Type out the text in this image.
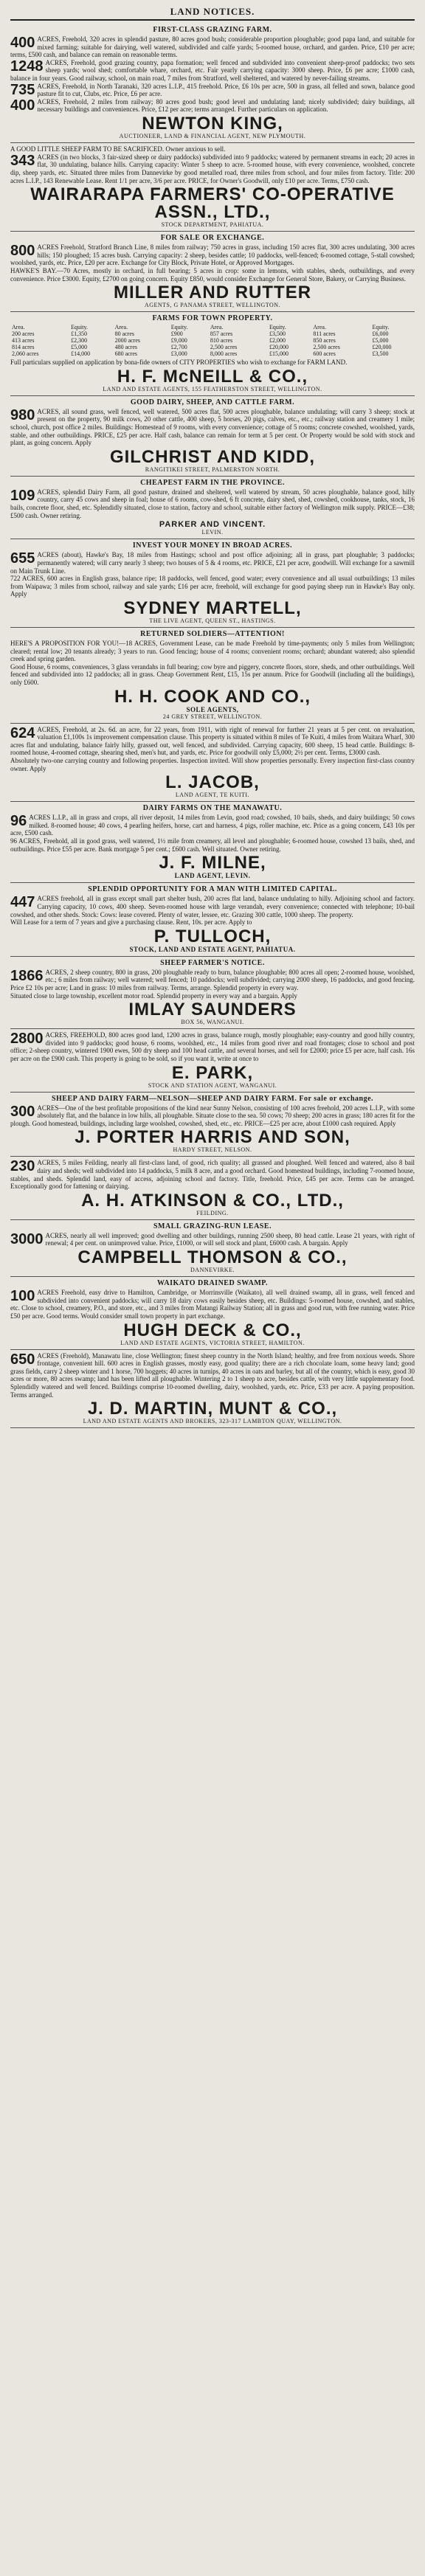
LAND NOTICES.
FIRST-CLASS GRAZING FARM.
400 ACRES, Freehold, 320 acres in splendid pasture, 80 acres good bush; considerable proportion ploughable; good papa land, and suitable for mixed farming; suitable for dairying, well watered, subdivided and calfe yards; 5-roomed house, orchard, and garden. Price, £10 per acre; terms, £500 cash, and balance can remain on reasonable terms.
1248 ACRES, Freehold, good grazing country, papa formation; well fenced and subdivided into convenient sheep-proof paddocks; two sets sheep yards; wool shed; comfortable whare, orchard, etc. Fair yearly carrying capacity: 3000 sheep. Price, £6 per acre; £1000 cash, balance in four years. Good railway, school, on main road, 7 miles from Stratford, well sheltered, and watered by never-failing streams.
735 ACRES, Freehold, in North Taranaki, 320 acres L.I.P., 415 freehold. Price, £6 10s per acre, 500 in grass, all felled and sown, balance good pasture fit to cut, Clubs, etc. Price, £6 per acre.
400 ACRES, Freehold, 2 miles from railway; 80 acres good bush; good level and undulating land; nicely subdivided; dairy buildings, all necessary buildings and conveniences. Price, £12 per acre; terms arranged. Further particulars on application.
NEWTON KING,
AUCTIONEER, LAND & FINANCIAL AGENT, NEW PLYMOUTH.
A GOOD LITTLE SHEEP FARM TO BE SACRIFICED. Owner anxious to sell.
343 ACRES (in two blocks, 3 fair-sized sheep or dairy paddocks) subdivided into 9 paddocks; watered by permanent streams in each; 20 acres in flat, 30 undulating, balance hills. Carrying capacity: Winter 5 sheep to acre. 5-roomed house, with every convenience, woolshed, concrete dip, sheep yards, etc. Situated three miles from Dannevirke by good metalled road, three miles from school, and four miles from factory. Title: 200 acres L.I.P., 143 Renewable Lease. Rent 1/1 per acre, 3/6 per acre. PRICE, for Owner's Goodwill, only £10 per acre. Terms, £750 cash.
WAIRARAPA FARMERS' CO-OPERATIVE ASSN., LTD.,
STOCK DEPARTMENT, PAHIATUA.
FOR SALE OR EXCHANGE.
800 ACRES Freehold, Stratford Branch Line, 8 miles from railway; 750 acres in grass, including 150 acres flat, 300 acres undulating, 300 acres hills; 150 ploughed; 15 acres bush. Carrying capacity: 2 sheep, besides cattle; 10 paddocks, well-fenced; 6-roomed cottage, 5-stall cowshed; woolshed, yards, etc. Price, £20 per acre. Exchange for City Block, Private Hotel, or Approved Mortgages.
HAWKE'S BAY.—70 Acres, mostly in orchard, in full bearing; 5 acres in crop: some in lemons, with stables, sheds, outbuildings, and every convenience. Price £3000. Equity, £2700 on going concern. Equity £850, would consider Exchange for General Store, Bakery, or Carrying Business.
MILLER AND RUTTER
AGENTS, G PANAMA STREET, WELLINGTON.
FARMS FOR TOWN PROPERTY.
Area.	Equity.	Area.	Equity.	Area.	Equity.	Area.	Equity.
200 acres	£1,350	80 acres	£900	857 acres	£3,500	811 acres	£6,000
413 acres	£2,300	2000 acres	£9,000	810 acres	£2,000	850 acres	£5,000
814 acres	£5,000	480 acres	£2,700	2,500 acres	£20,000	2,500 acres	£20,000
2,060 acres	£14,000	680 acres	£3,000	8,000 acres	£15,000	600 acres	£3,500
Full particulars supplied on application by bona-fide owners of CITY PROPERTIES who wish to exchange for FARM LAND.
H. F. McNEILL & CO.,
LAND AND ESTATE AGENTS, 155 FEATHERSTON STREET, WELLINGTON.
GOOD DAIRY, SHEEP, AND CATTLE FARM.
980 ACRES, all sound grass, well fenced, well watered, 500 acres flat, 500 acres ploughable, balance undulating; will carry 3 sheep; stock at present on the property, 90 milk cows, 20 other cattle, 400 sheep, 5 horses, 20 pigs, calves, etc., etc.; railway station and creamery 1 mile; school, church, post office 2 miles. Buildings: Homestead of 9 rooms, with every convenience; cottage of 5 rooms; concrete cowshed, woolshed, yards, stable, and other outbuildings. PRICE, £25 per acre. Half cash, balance can remain for term at 5 per cent. Or Property would be sold with stock and plant, as going concern. Apply
GILCHRIST AND KIDD,
RANGITIKEI STREET, PALMERSTON NORTH.
CHEAPEST FARM IN THE PROVINCE.
109 ACRES, splendid Dairy Farm, all good pasture, drained and sheltered, well watered by stream, 50 acres ploughable, balance good, hilly country, carry 45 cows and sheep in foal; house of 6 rooms, cow-shed, 6 ft concrete, dairy shed, shed, cowshed, cookhouse, tanks, stock, 16 bails, concrete floor, shed, etc. Splendidly situated, close to station, factory and school, suitable either factory of Wellington milk supply. PRICE—£38; £500 cash. Owner retiring.
PARKER AND VINCENT.
LEVIN.
INVEST YOUR MONEY IN BROAD ACRES.
655 ACRES (about), Hawke's Bay, 18 miles from Hastings; school and post office adjoining; all in grass, part ploughable; 3 paddocks; permanently watered; will carry nearly 3 sheep; two houses of 5 & 4 rooms, etc. PRICE, £21 per acre, goodwill. Will exchange for a sawmill on Main Trunk Line.
722 ACRES, 600 acres in English grass, balance ripe; 18 paddocks, well fenced, good water; every convenience and all usual outbuildings; 13 miles from Waipawa; 3 miles from school, railway and sale yards; £16 per acre, freehold, will exchange for good paying sheep run in Hawke's Bay only. Apply
SYDNEY MARTELL,
THE LIVE AGENT, QUEEN ST., HASTINGS.
RETURNED SOLDIERS—ATTENTION!
HERE'S A PROPOSITION FOR YOU!—18 ACRES, Government Lease, can be made Freehold by time-payments; only 5 miles from Wellington; cleared; rental low; 20 tenants already; 3 years to run. Good fencing; house of 4 rooms; convenient rooms; orchard; abundant watered; also splendid creek and spring garden.
Good House, 6 rooms, conveniences, 3 glass verandahs in full bearing; cow byre and piggery, concrete floors, store, sheds, and other outbuildings. Well fenced and subdivided into 12 paddocks; all in grass. Cheap Government Rent, £15, 15s per annum. Price for Goodwill (including all the buildings), only £600.
H. H. COOK AND CO.,
SOLE AGENTS,
24 GREY STREET, WELLINGTON.
624 ACRES, Freehold, at 2s. 6d. an acre, for 22 years, from 1911, with right of renewal for further 21 years at 5 per cent. on revaluation, valuation £1,100s 1s improvement compensation clause. This property is situated within 8 miles of Te Kuiti, 4 miles from Waitara Wharf, 300 acres flat and undulating, balance fairly hilly, grassed out, well fenced, and subdivided. Carrying capacity, 600 sheep, 15 head cattle. Buildings: 8-roomed house, 4-roomed cottage, shearing shed, men's hut, and yards, etc. Price for goodwill only £5,000; 2½ per cent. Terms, £3000 cash.
Absolutely two-one carrying country and following properties. Inspection invited. Will show properties personally. Every inspection first-class country owner. Apply
L. JACOB,
LAND AGENT, TE KUITI.
DAIRY FARMS ON THE MANAWATU.
96 ACRES L.I.P., all in grass and crops, all river deposit, 14 miles from Levin, good road; cowshed, 10 bails, sheds, and dairy buildings; 50 cows milked. 8-roomed house; 40 cows, 4 pearling heifers, horse, cart and harness, 4 pigs, roller machine, etc. Price as a going concern, £43 10s per acre, £500 cash.
96 ACRES, Freehold, all in good grass, well watered, 1½ mile from creamery, all level and ploughable; 6-roomed house, cowshed 13 bails, shed, and outbuildings. Price £55 per acre. Bank mortgage 5 per cent.; £600 cash. Well situated. Owner retiring.
J. F. MILNE,
LAND AGENT, LEVIN.
SPLENDID OPPORTUNITY FOR A MAN WITH LIMITED CAPITAL.
447 ACRES freehold, all in grass except small part shelter bush, 200 acres flat land, balance undulating to hilly. Adjoining school and factory. Carrying capacity, 10 cows, 400 sheep. Seven-roomed house with large verandah, every convenience; connected with telephone; 10-bail cowshed, and other sheds. Stock: Cows: lease covered. Plenty of water, lessee, etc. Grazing 300 cattle, 1000 sheep. The property.
Will Lease for a term of 7 years and give a purchasing clause. Rent, 10s. per acre. Apply to
P. TULLOCH,
STOCK, LAND AND ESTATE AGENT, PAHIATUA.
SHEEP FARMER'S NOTICE.
1866 ACRES, 2 sheep country, 800 in grass, 200 ploughable ready to burn, balance ploughable; 800 acres all open; 2-roomed house, woolshed, etc.; 6 miles from railway; well watered; well fenced; 10 paddocks; well subdivided; carrying 2000 sheep, 16 paddocks, and good fencing. Price £2 10s per acre; Land in grass: 10 miles from railway. Terms, arrange. Splendid property in every way.
Situated close to large township, excellent motor road. Splendid property in every way and a bargain. Apply
IMLAY SAUNDERS
BOX 56, WANGANUI.
2800 ACRES, FREEHOLD, 800 acres good land, 1200 acres in grass, balance rough, mostly ploughable; easy-country and good hilly country, divided into 9 paddocks; good house, 6 rooms, woolshed, etc., 14 miles from good river and road frontages; close to school and post office; 2-sheep country, wintered 1900 ewes, 500 dry sheep and 100 head cattle, and several horses, and sell for £2000; price £5 per acre, half cash. 16s per acre on the £900 cash. This property is going to be sold, so if you want it, write at once to
E. PARK,
STOCK AND STATION AGENT, WANGANUI.
SHEEP AND DAIRY FARM—NELSON—SHEEP AND DAIRY FARM. For sale or exchange.
300 ACRES—One of the best profitable propositions of the kind near Sunny Nelson, consisting of 100 acres freehold, 200 acres L.I.P., with some absolutely flat, and the balance in low hills, all ploughable. Situate close to the sea. 50 cows; 70 sheep; 200 acres in grass; 180 acres fit for the plough. Good homestead, buildings, including large woolshed, cowshed, shed, etc., etc. PRICE—£25 per acre, about £1000 cash required. Apply
J. PORTER HARRIS AND SON,
HARDY STREET, NELSON.
230 ACRES, 5 miles Feilding, nearly all first-class land, of good, rich quality; all grassed and ploughed. Well fenced and watered, also 8 bail dairy and sheds; well subdivided into 14 paddocks, 5 milk 8 acre, and a good orchard. Good homestead buildings, including 7-roomed house, stables, and sheds. Splendid land, easy of access, adjoining school and factory. Title, freehold. Price, £45 per acre. Terms can be arranged. Exceptionally good for fattening or dairying.
A. H. ATKINSON & CO., LTD.,
FEILDING.
SMALL GRAZING-RUN LEASE.
3000 ACRES, nearly all well improved; good dwelling and other buildings, running 2500 sheep, 80 head cattle. Lease 21 years, with right of renewal; 4 per cent. on unimproved value. Price, £1000, or will sell stock and plant, £6000 cash. A bargain. Apply
CAMPBELL THOMSON & CO.,
DANNEVIRKE.
WAIKATO DRAINED SWAMP.
100 ACRES Freehold, easy drive to Hamilton, Cambridge, or Morrinsville (Waikato), all well drained swamp, all in grass, well fenced and subdivided into convenient paddocks; will carry 18 dairy cows easily besides sheep, etc. Buildings: 5-roomed house, cowshed, and stables, etc. Close to school, creamery, P.O., and store, etc., and 3 miles from Matangi Railway Station; all in grass and good run, with free running water. Price £50 per acre. Good terms. Would consider small town property in part exchange.
HUGH DECK & CO.,
LAND AND ESTATE AGENTS, VICTORIA STREET, HAMILTON.
650 ACRES (Freehold), Manawatu line, close Wellington; finest sheep country in the North Island; healthy, and free from noxious weeds. Shore frontage, convenient hill. 600 acres in English grasses, mostly easy, good quality; there are a rich chocolate loam, some heavy land; good grass fields, carry 2 sheep winter and 1 horse, 700 hoggets; 40 acres in turnips, 40 acres in oats and barley, but all of the country, which is easy, good 30 acres or more, 80 acres swamp; land has been lifted all ploughable. Wintering 2 to 1 sheep to acre, besides cattle, with very little supplementary food. Splendidly watered and well fenced. Buildings comprise 10-roomed dwelling, dairy, woolshed, yards, etc. Price, £33 per acre. A paying proposition. Terms arranged.
J. D. MARTIN, MUNT & CO.,
LAND AND ESTATE AGENTS AND BROKERS, 323-317 LAMBTON QUAY, WELLINGTON.
